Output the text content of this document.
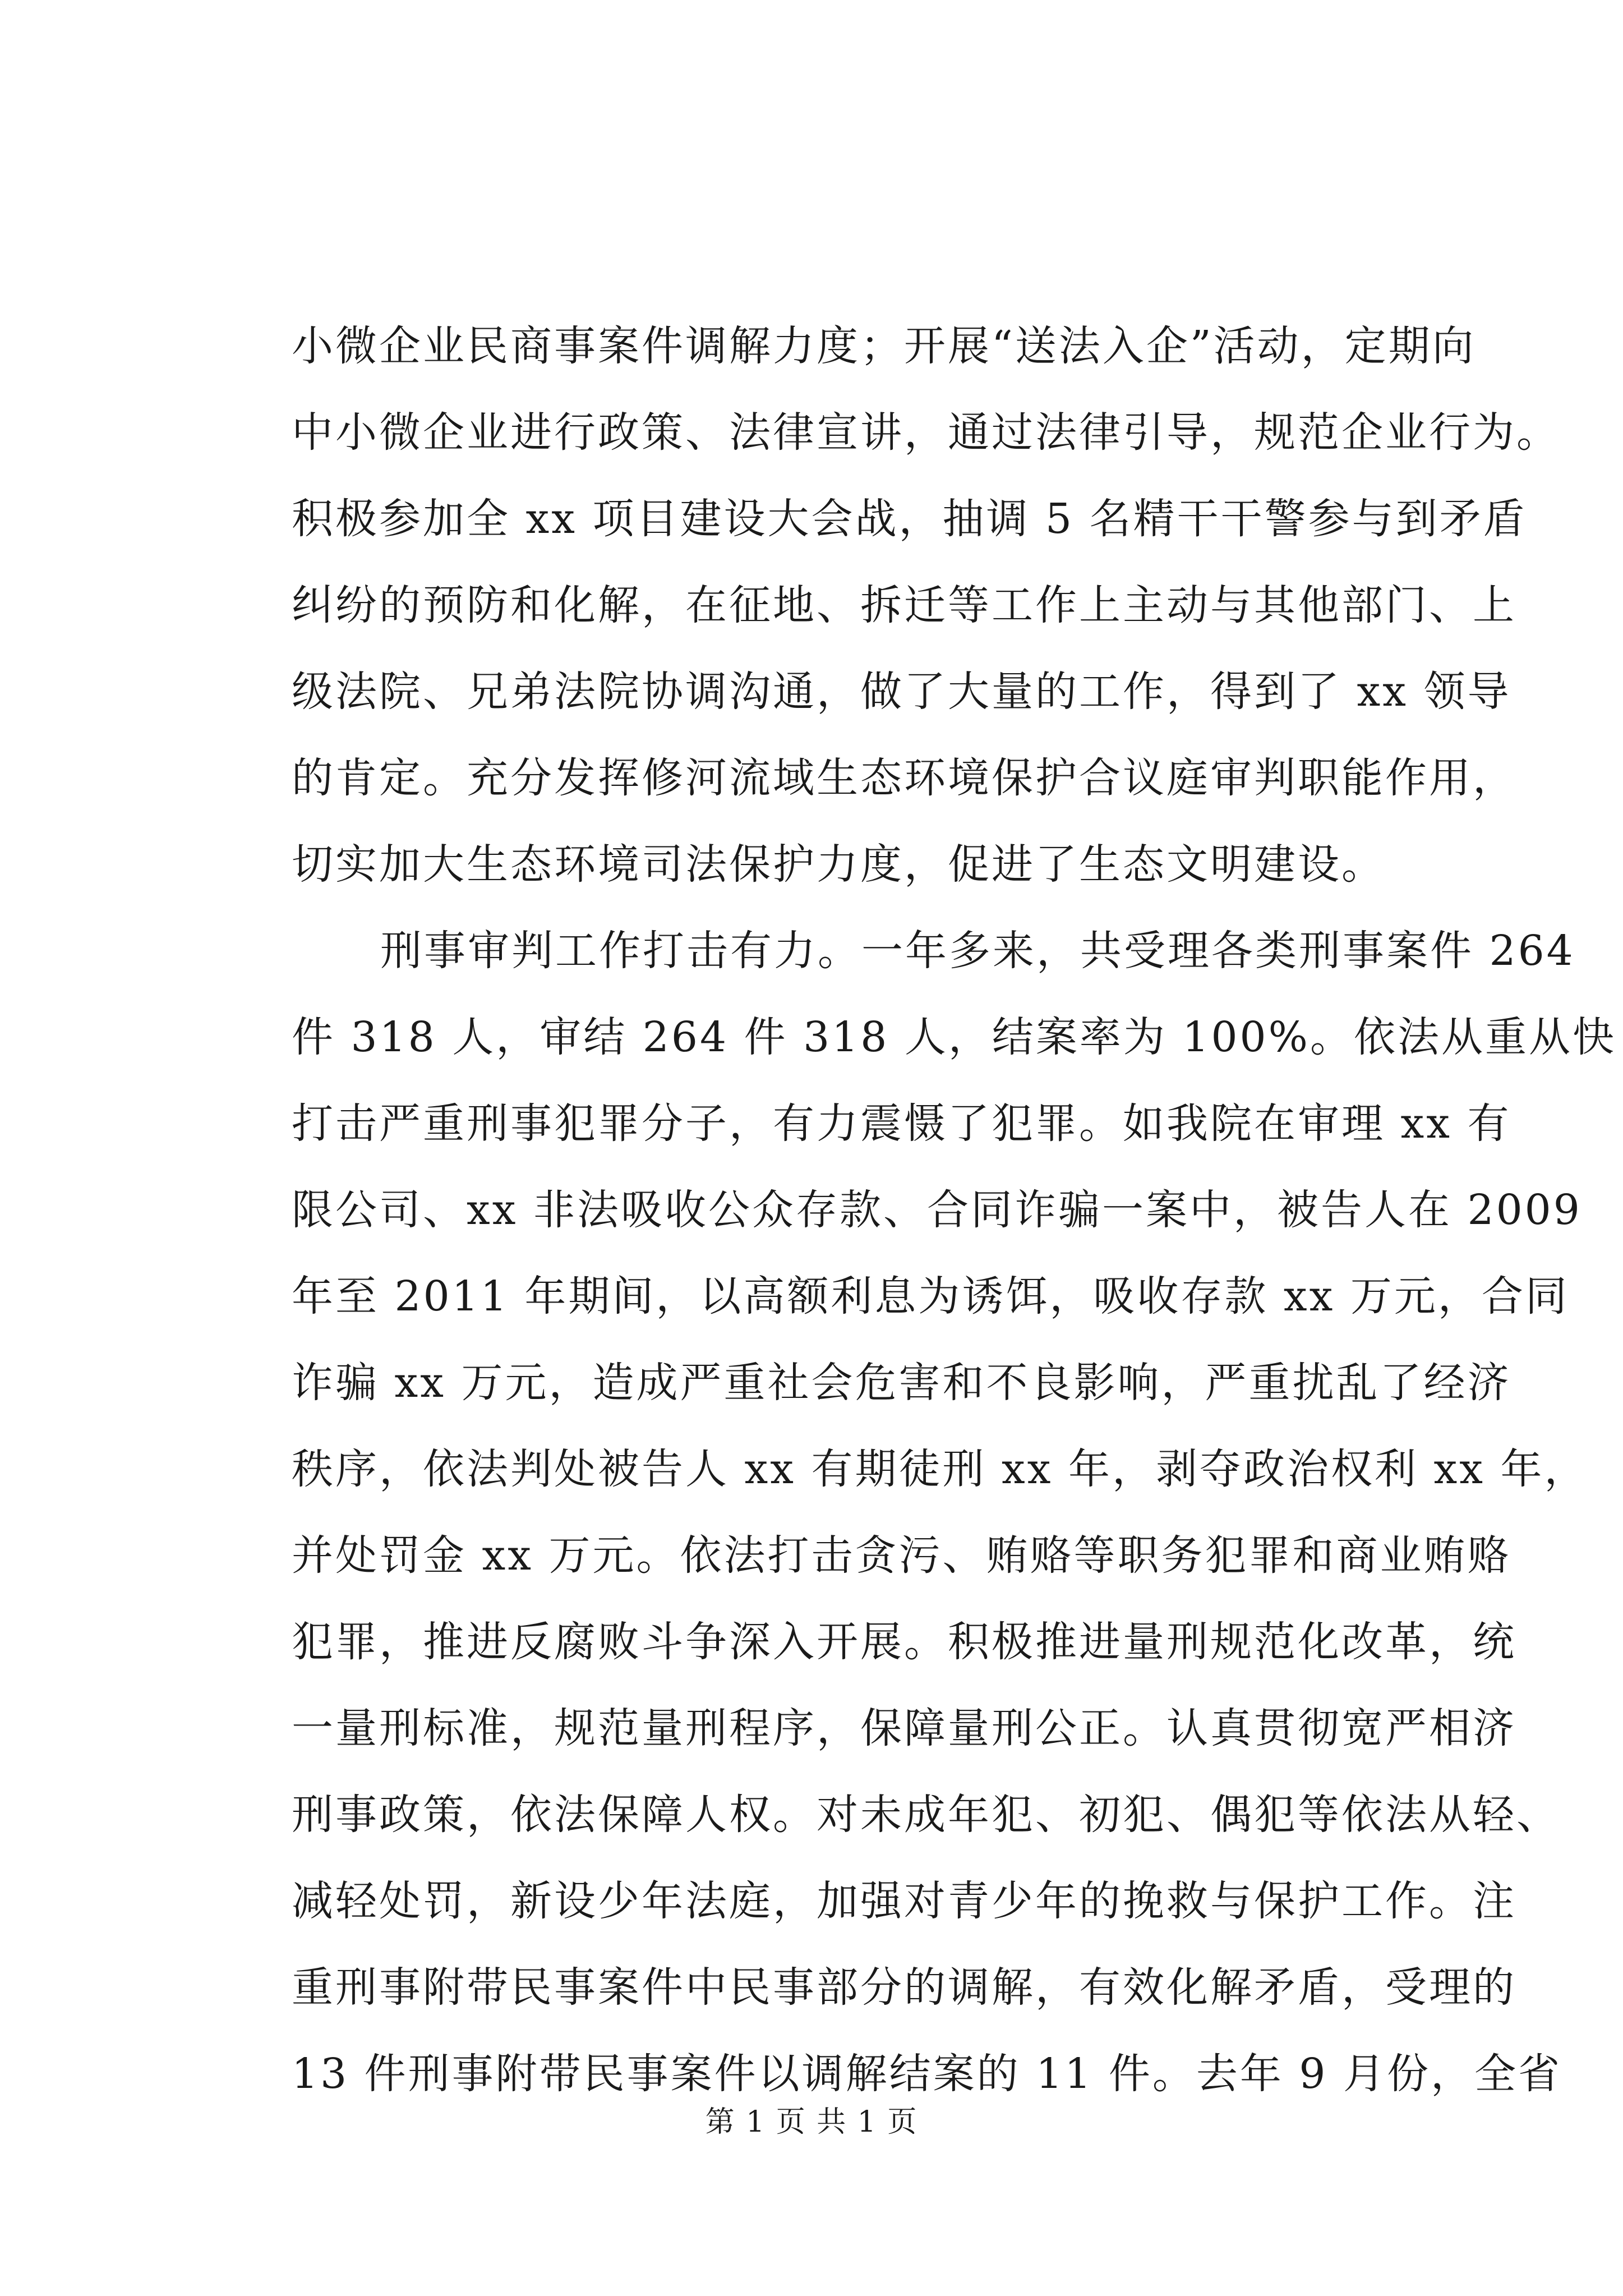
小微企业民商事案件调解力度；开展“送法入企”活动，定期向
中小微企业进行政策、法律宣讲，通过法律引导，规范企业行为。
积极参加全 xx 项目建设大会战，抽调 5 名精干干警参与到矛盾
纠纷的预防和化解，在征地、拆迁等工作上主动与其他部门、上
级法院、兄弟法院协调沟通，做了大量的工作，得到了 xx 领导
的肯定。充分发挥修河流域生态环境保护合议庭审判职能作用，
切实加大生态环境司法保护力度，促进了生态文明建设。
刑事审判工作打击有力。一年多来，共受理各类刑事案件 264
件 318 人，审结 264 件 318 人，结案率为 100%。依法从重从快
打击严重刑事犯罪分子，有力震慑了犯罪。如我院在审理 xx 有
限公司、xx 非法吸收公众存款、合同诈骗一案中，被告人在 2009
年至 2011 年期间，以高额利息为诱饵，吸收存款 xx 万元，合同
诈骗 xx 万元，造成严重社会危害和不良影响，严重扰乱了经济
秩序，依法判处被告人 xx 有期徒刑 xx 年，剥夺政治权利 xx 年，
并处罚金 xx 万元。依法打击贪污、贿赂等职务犯罪和商业贿赂
犯罪，推进反腐败斗争深入开展。积极推进量刑规范化改革，统
一量刑标准，规范量刑程序，保障量刑公正。认真贯彻宽严相济
刑事政策，依法保障人权。对未成年犯、初犯、偶犯等依法从轻、
减轻处罚，新设少年法庭，加强对青少年的挽救与保护工作。注
重刑事附带民事案件中民事部分的调解，有效化解矛盾，受理的
13 件刑事附带民事案件以调解结案的 11 件。去年 9 月份，全省
第 1 页 共 1 页
